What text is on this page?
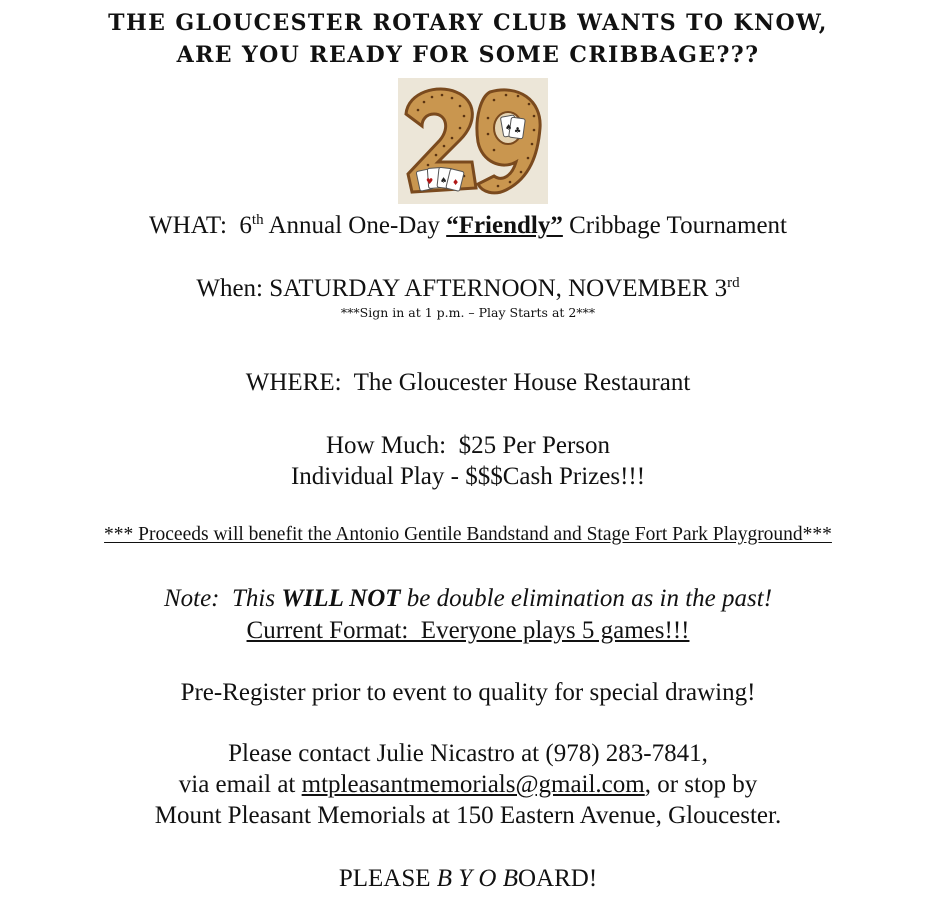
THE GLOUCESTER ROTARY CLUB WANTS TO KNOW,
ARE YOU READY FOR SOME CRIBBAGE???
♥ ♠ ♦
♠ ♣
WHAT: 6th Annual One-Day “Friendly” Cribbage Tournament
When: SATURDAY AFTERNOON, NOVEMBER 3rd
***Sign in at 1 p.m. – Play Starts at 2***
WHERE:  The Gloucester House Restaurant
How Much:  $25 Per Person
Individual Play - $$$Cash Prizes!!!
*** Proceeds will benefit the Antonio Gentile Bandstand and Stage Fort Park Playground***
Note: This WILL NOT be double elimination as in the past!
Current Format:  Everyone plays 5 games!!!
Pre-Register prior to event to quality for special drawing!
Please contact Julie Nicastro at (978) 283-7841,
via email at mtpleasantmemorials@gmail.com, or stop by
Mount Pleasant Memorials at 150 Eastern Avenue, Gloucester.
PLEASE B Y O BOARD!
